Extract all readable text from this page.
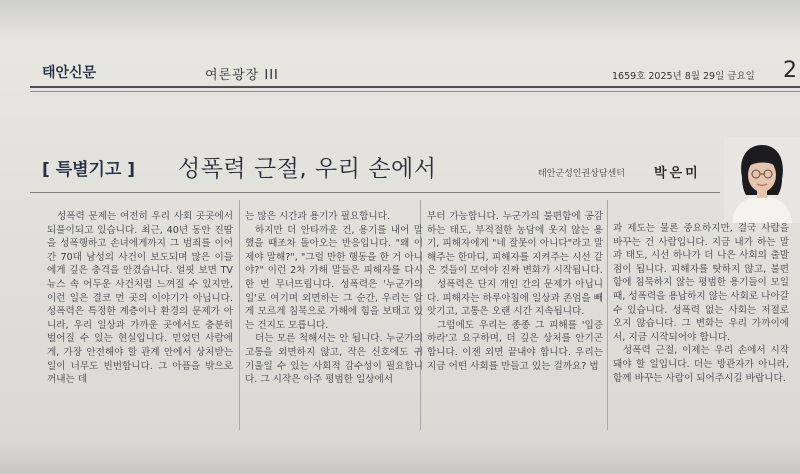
태안신문	여론광장 III	1659호 2025년 8월 29일 금요일 2
[ 특별기고 ] 성폭력 근절, 우리 손에서	태안군성인권상담센터 박은미

성폭력 문제는 여전히 우리 사회 곳곳에서 되풀이되고 있습니다. 최근, 40년 동안 진땀을 성폭행하고 손녀에게까지 그 범죄를 이어간 70대 남성의 사건이 보도되며 많은 이들에게 깊은 충격을 안겼습니다. 얼핏 보면 TV 뉴스 속 어두운 사건처럼 느껴질 수 있지만, 이런 일은 결코 먼 곳의 이야기가 아닙니다. 성폭력은 특정한 계층이나 환경의 문제가 아니라, 우리 일상과 가까운 곳에서도 충분히 벌어질 수 있는 현실입니다. 믿었던 사람에게, 가장 안전해야 할 관계 안에서 상처받는 일이 너무도 빈번합니다. 그 아픔을 밖으로 꺼내는 데

는 많은 시간과 용기가 필요합니다.

하지만 더 안타까운 건, 용기를 내어 말했을 때조차 돌아오는 반응입니다. "왜 이제야 말해?", "그럴 만한 행동을 한 거 아니야?" 이런 2차 가해 말들은 피해자를 다시 한 번 무너뜨립니다. 성폭력은 '누군가의 일'로 여기며 외면하는 그 순간, 우리는 알게 모르게 침묵으로 가해에 힘을 보태고 있는 건지도 모릅니다.

더는 모른 척해서는 안 됩니다. 누군가의 고통을 외면하지 않고, 작은 신호에도 귀 기울일 수 있는 사회적 감수성이 필요합니다. 그 시작은 아주 평범한 일상에서

부터 가능합니다. 누군가의 불편함에 공감하는 태도, 부적절한 농담에 웃지 않는 용기, 피해자에게 "네 잘못이 아니다"라고 말해주는 한마디, 피해자를 지켜주는 시선 같은 것들이 모여야 진짜 변화가 시작됩니다.

성폭력은 단지 개인 간의 문제가 아닙니다. 피해자는 하루아침에 일상과 존엄을 빼앗기고, 고통은 오랜 시간 지속됩니다.

그럼에도 우리는 종종 그 피해를 '입증하라'고 요구하며, 더 깊은 상처를 안기곤 합니다. 이젠 외면 끝내야 합니다. 우리는 지금 어떤 사회를 만들고 있는 걸까요? 법

과 제도는 물론 중요하지만, 결국 사람을 바꾸는 건 사람입니다. 지금 내가 하는 말과 태도, 시선 하나가 더 나은 사회의 출발점이 됩니다. 피해자를 탓하지 않고, 불편함에 침묵하지 않는 평범한 용기들이 모일 때, 성폭력을 용납하지 않는 사회로 나아갈 수 있습니다. 성폭력 없는 사회는 저절로 오지 않습니다. 그 변화는 우리 가까이에서, 지금 시작되어야 합니다.

성폭력 근절, 이제는 우리 손에서 시작돼야 할 일입니다. 더는 방관자가 아니라, 함께 바꾸는 사람이 되어주시길 바랍니다.
